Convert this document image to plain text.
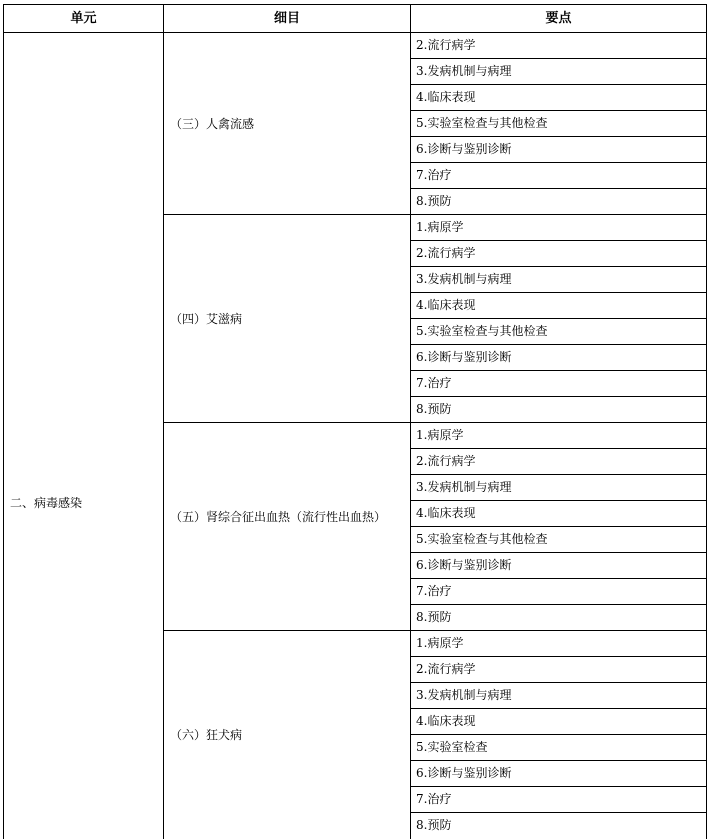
单元	细目	要点
二、病毒感染
（三）人禽流感
2.流行病学
3.发病机制与病理
4.临床表现
5.实验室检查与其他检查
6.诊断与鉴别诊断
7.治疗
8.预防
（四）艾滋病
1.病原学
2.流行病学
3.发病机制与病理
4.临床表现
5.实验室检查与其他检查
6.诊断与鉴别诊断
7.治疗
8.预防
（五）肾综合征出血热（流行性出血热）
1.病原学
2.流行病学
3.发病机制与病理
4.临床表现
5.实验室检查与其他检查
6.诊断与鉴别诊断
7.治疗
8.预防
（六）狂犬病
1.病原学
2.流行病学
3.发病机制与病理
4.临床表现
5.实验室检查
6.诊断与鉴别诊断
7.治疗
8.预防
